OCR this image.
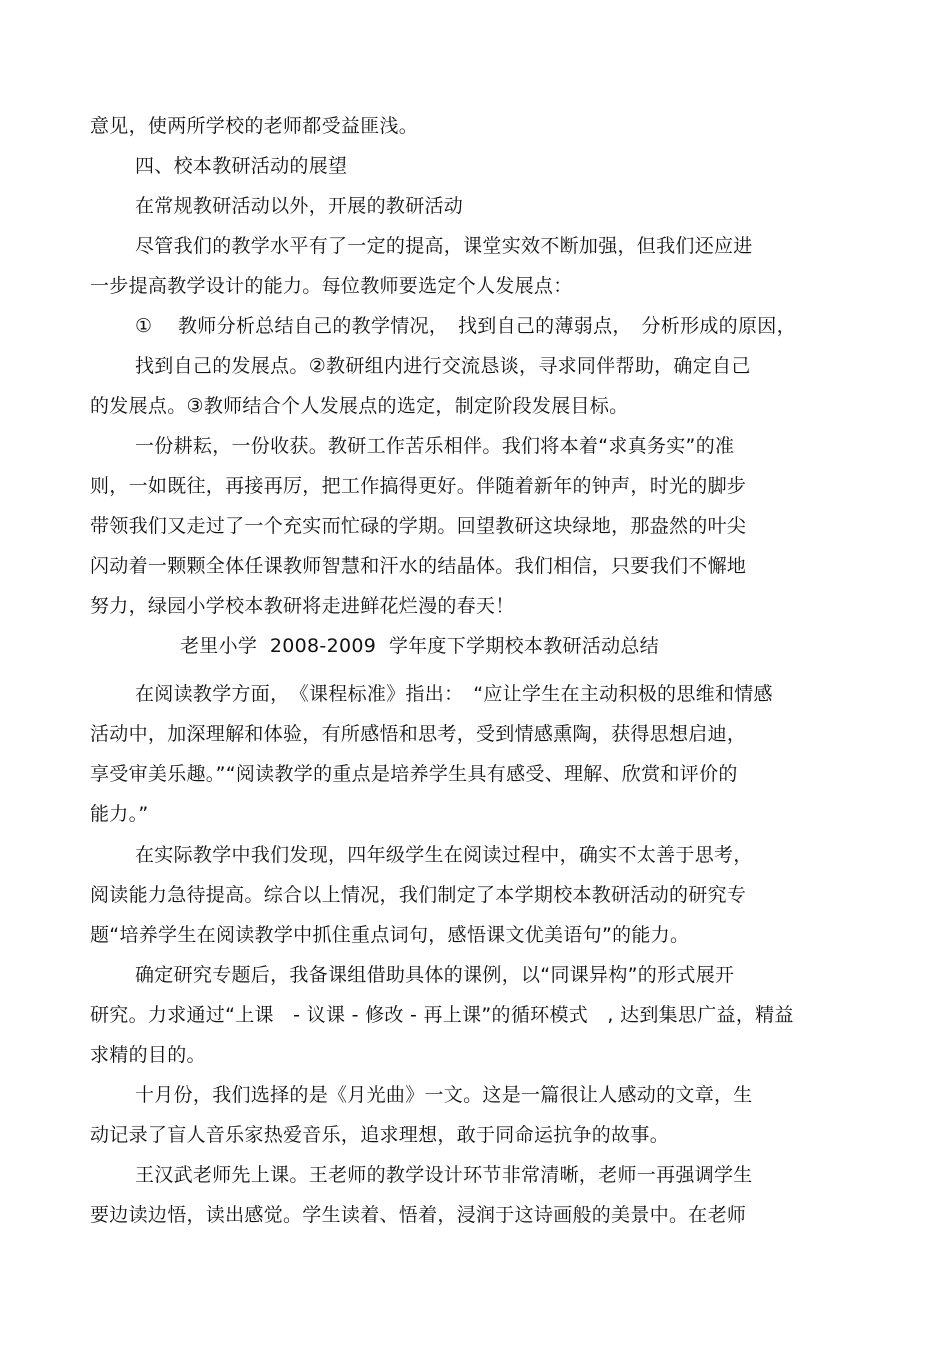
意见，使两所学校的老师都受益匪浅。
四、校本教研活动的展望
在常规教研活动以外，开展的教研活动
尽管我们的教学水平有了一定的提高，课堂实效不断加强，但我们还应进
一步提高教学设计的能力。每位教师要选定个人发展点：
①　 教师分析总结自己的教学情况，　找到自己的薄弱点，　分析形成的原因，
找到自己的发展点。②教研组内进行交流恳谈，寻求同伴帮助，确定自己
的发展点。③教师结合个人发展点的选定，制定阶段发展目标。
一份耕耘，一份收获。教研工作苦乐相伴。我们将本着“求真务实”的准
则，一如既往，再接再厉，把工作搞得更好。伴随着新年的钟声，时光的脚步
带领我们又走过了一个充实而忙碌的学期。回望教研这块绿地，那盎然的叶尖
闪动着一颗颗全体任课教师智慧和汗水的结晶体。我们相信，只要我们不懈地
努力，绿园小学校本教研将走进鲜花烂漫的春天！
老里小学  2008-2009  学年度下学期校本教研活动总结
在阅读教学方面，　《课程标准》指出：　“应让学生在主动积极的思维和情感
活动中，加深理解和体验，有所感悟和思考，受到情感熏陶，获得思想启迪，
享受审美乐趣。”“阅读教学的重点是培养学生具有感受、理解、欣赏和评价的
能力。”
在实际教学中我们发现，四年级学生在阅读过程中，确实不太善于思考，
阅读能力急待提高。综合以上情况，我们制定了本学期校本教研活动的研究专
题“培养学生在阅读教学中抓住重点词句，感悟课文优美语句”的能力。
确定研究专题后，我备课组借助具体的课例，以“同课异构”的形式展开
研究。力求通过“上课　- 议课 - 修改 - 再上课”的循环模式　, 达到集思广益，精益
求精的目的。
十月份，我们选择的是《月光曲》一文。这是一篇很让人感动的文章，生
动记录了盲人音乐家热爱音乐，追求理想，敢于同命运抗争的故事。
王汉武老师先上课。王老师的教学设计环节非常清晰，老师一再强调学生
要边读边悟，读出感觉。学生读着、悟着，浸润于这诗画般的美景中。在老师
